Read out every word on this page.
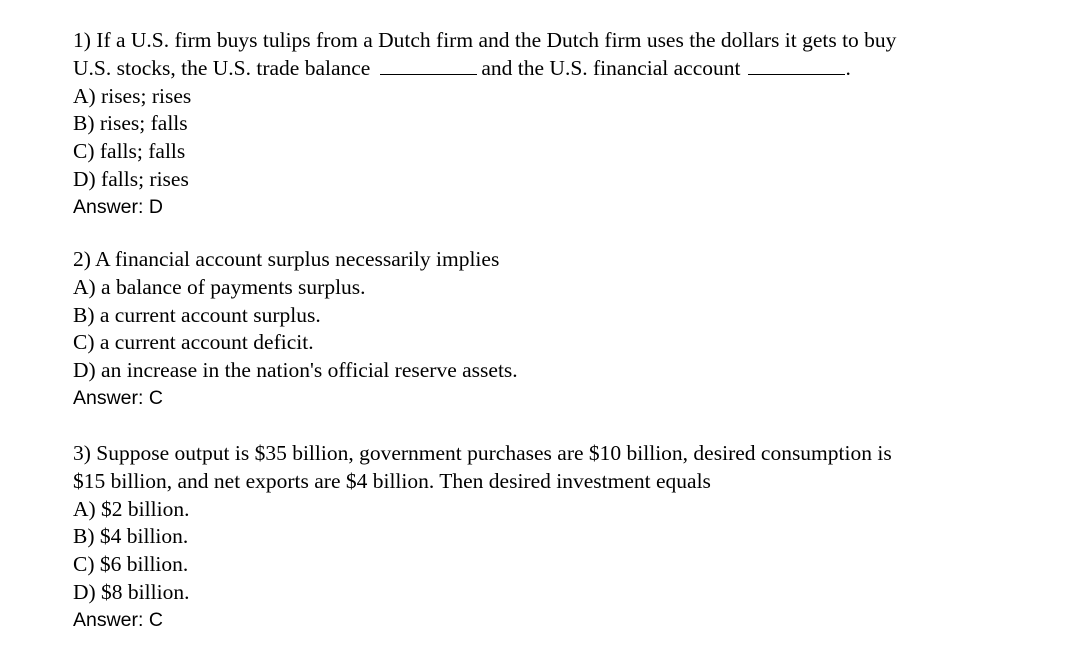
1) If a U.S. firm buys tulips from a Dutch firm and the Dutch firm uses the dollars it gets to buy
U.S. stocks, the U.S. trade balance	and the U.S. financial account	.
A) rises; rises
B) rises; falls
C) falls; falls
D) falls; rises
Answer: D
2) A financial account surplus necessarily implies
A) a balance of payments surplus.
B) a current account surplus.
C) a current account deficit.
D) an increase in the nation's official reserve assets.
Answer: C
3) Suppose output is $35 billion, government purchases are $10 billion, desired consumption is
$15 billion, and net exports are $4 billion. Then desired investment equals
A) $2 billion.
B) $4 billion.
C) $6 billion.
D) $8 billion.
Answer: C
